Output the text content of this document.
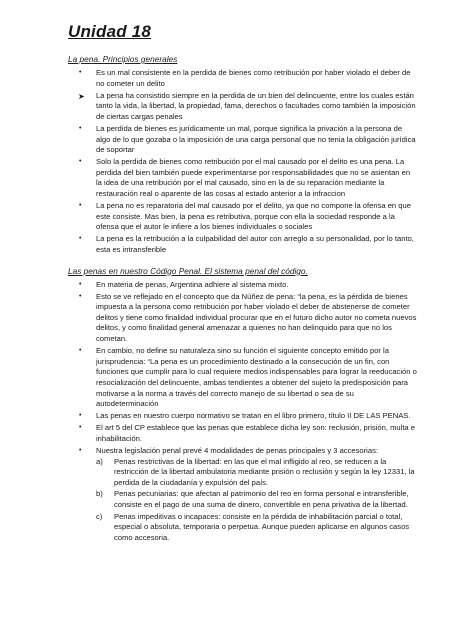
Unidad 18
La pena. Principios generales
• Es un mal consistente en la perdida de bienes como retribución por haber violado el deber de no cometer un delito
➤ La pena ha consistido siempre en la perdida de un bien del delincuente, entre los cuales están tanto la vida, la libertad, la propiedad, fama, derechos o facultades como también la imposición de ciertas cargas penales
• La perdida de bienes es jurídicamente un mal, porque significa la privación a la persona de algo de lo que gozaba o la imposición de una carga personal que no tenia la obligación jurídica de soportar
• Solo la perdida de bienes como retribución por el mal causado por el delito es una pena. La perdida del bien también puede experimentarse por responsabilidades que no se asientan en la idea de una retribución por el mal causado, sino en la de su reparación mediante la restauración real o aparente de las cosas al estado anterior a la infraccion
• La pena no es reparatoria del mal causado por el delito, ya que no compone la ofensa en que este consiste. Mas bien, la pena es retributiva, porque con ella la sociedad responde a la ofensa que el autor le infiere a los bienes individuales o sociales
• La pena es la retribución a la culpabilidad del autor con arreglo a su personalidad, por lo tanto, esta es intransferible
Las penas en nuestro Código Penal. El sistema penal del código.
• En materia de penas, Argentina adhiere al sistema mixto.
• Esto se ve reflejado en el concepto que da Núñez de pena: “la pena, es la pérdida de bienes impuesta a la persona como retribución por haber violado el deber de abstenerse de cometer delitos y tiene como finalidad individual procurar que en el futuro dicho autor no cometa nuevos delitos, y como finalidad general amenazar a quienes no han delinquido para que no los cometan.
• En cambio, no define su naturaleza sino su función el siguiente concepto emitido por la jurisprudencia: “La pena es un procedimiento destinado a la consecución de un fin, con funciones que cumplir para lo cual requiere medios indispensables para lograr la reeducación o resocialización del delincuente, ambas tendientes a obtener del sujeto la predisposición para motivarse a la norma a través del correcto manejo de su libertad o sea de su autodeterminación
• Las penas en nuestro cuerpo normativo se tratan en el libro primero, título II DE LAS PENAS.
• El art 5 del CP establece que las penas que establece dicha ley son: reclusión, prisión, multa e inhabilitación.
• Nuestra legislación penal prevé 4 modalidades de penas principales y 3 accesorias:
a) Penas restrictivas de la libertad: en las que el mal infligido al reo, se reducen a la restricción de la libertad ambulatoria mediante prisión o reclusión y según la ley 12331, la perdida de la ciudadanía y expulsión del país.
b) Penas pecuniarias: que afectan al patrimonio del reo en forma personal e intransferible, consiste en el pago de una suma de dinero, convertible en pena privativa de la libertad.
c) Penas impeditivas o incapaces: consiste en la pérdida de inhabilitación parcial o total, especial o absoluta, temporaria o perpetua. Aunque pueden aplicarse en algunos casos como accesoria.
